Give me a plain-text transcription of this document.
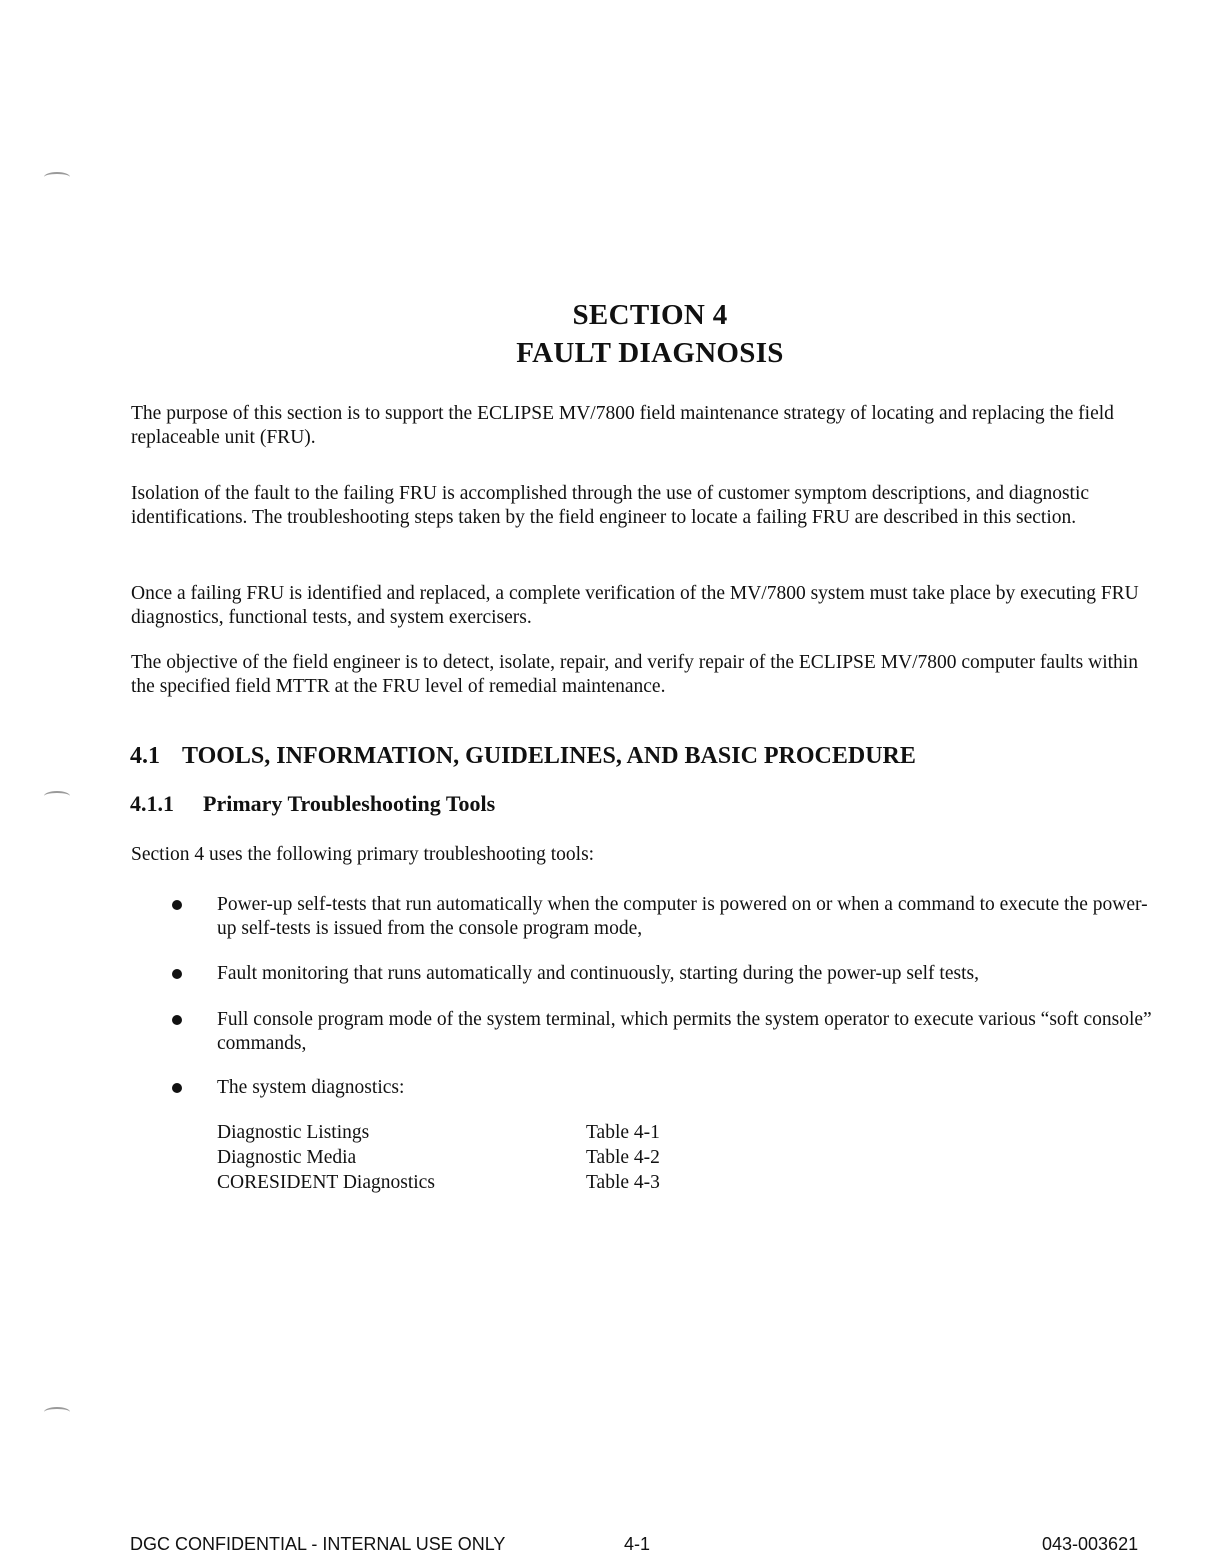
SECTION 4
FAULT DIAGNOSIS

The purpose of this section is to support the ECLIPSE MV/7800 field maintenance strategy of locating and replacing the field replaceable unit (FRU).

Isolation of the fault to the failing FRU is accomplished through the use of customer symptom descriptions, and diagnostic identifications. The troubleshooting steps taken by the field engineer to locate a failing FRU are described in this section.

Once a failing FRU is identified and replaced, a complete verification of the MV/7800 system must take place by executing FRU diagnostics, functional tests, and system exercisers.

The objective of the field engineer is to detect, isolate, repair, and verify repair of the ECLIPSE MV/7800 computer faults within the specified field MTTR at the FRU level of remedial maintenance.

4.1 TOOLS, INFORMATION, GUIDELINES, AND BASIC PROCEDURE
4.1.1 Primary Troubleshooting Tools

Section 4 uses the following primary troubleshooting tools:

Power-up self-tests that run automatically when the computer is powered on or when a command to execute the power-up self-tests is issued from the console program mode,
Fault monitoring that runs automatically and continuously, starting during the power-up self tests,
Full console program mode of the system terminal, which permits the system operator to execute various “soft console” commands,
The system diagnostics:
Diagnostic Listings	Table 4-1
Diagnostic Media	Table 4-2
CORESIDENT Diagnostics	Table 4-3
DGC CONFIDENTIAL - INTERNAL USE ONLY	4-1	043-003621
